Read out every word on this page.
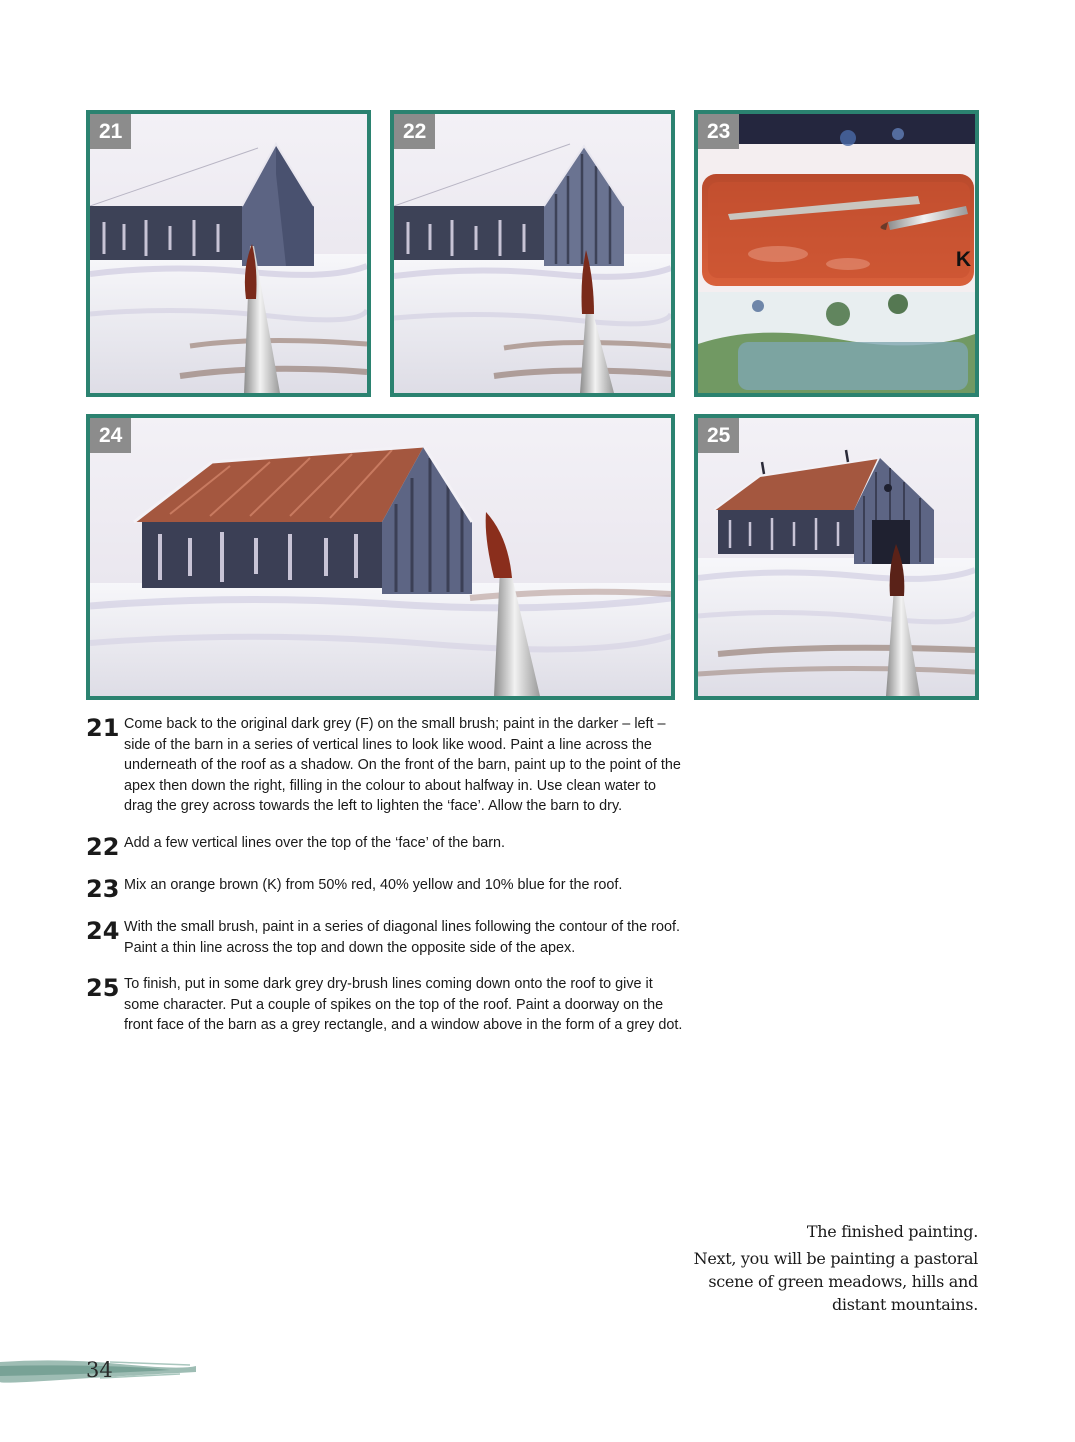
21	22	23
K
24	25
21 Come back to the original dark grey (F) on the small brush; paint in the darker – left – side of the barn in a series of vertical lines to look like wood. Paint a line across the underneath of the roof as a shadow. On the front of the barn, paint up to the point of the apex then down the right, filling in the colour to about halfway in. Use clean water to drag the grey across towards the left to lighten the ‘face’. Allow the barn to dry.
22 Add a few vertical lines over the top of the ‘face’ of the barn.
23 Mix an orange brown (K) from 50% red, 40% yellow and 10% blue for the roof.
24 With the small brush, paint in a series of diagonal lines following the contour of the roof. Paint a thin line across the top and down the opposite side of the apex.
25 To finish, put in some dark grey dry-brush lines coming down onto the roof to give it some character. Put a couple of spikes on the top of the roof. Paint a doorway on the front face of the barn as a grey rectangle, and a window above in the form of a grey dot.
The finished painting.
Next, you will be painting a pastoral scene of green meadows, hills and distant mountains.
34
